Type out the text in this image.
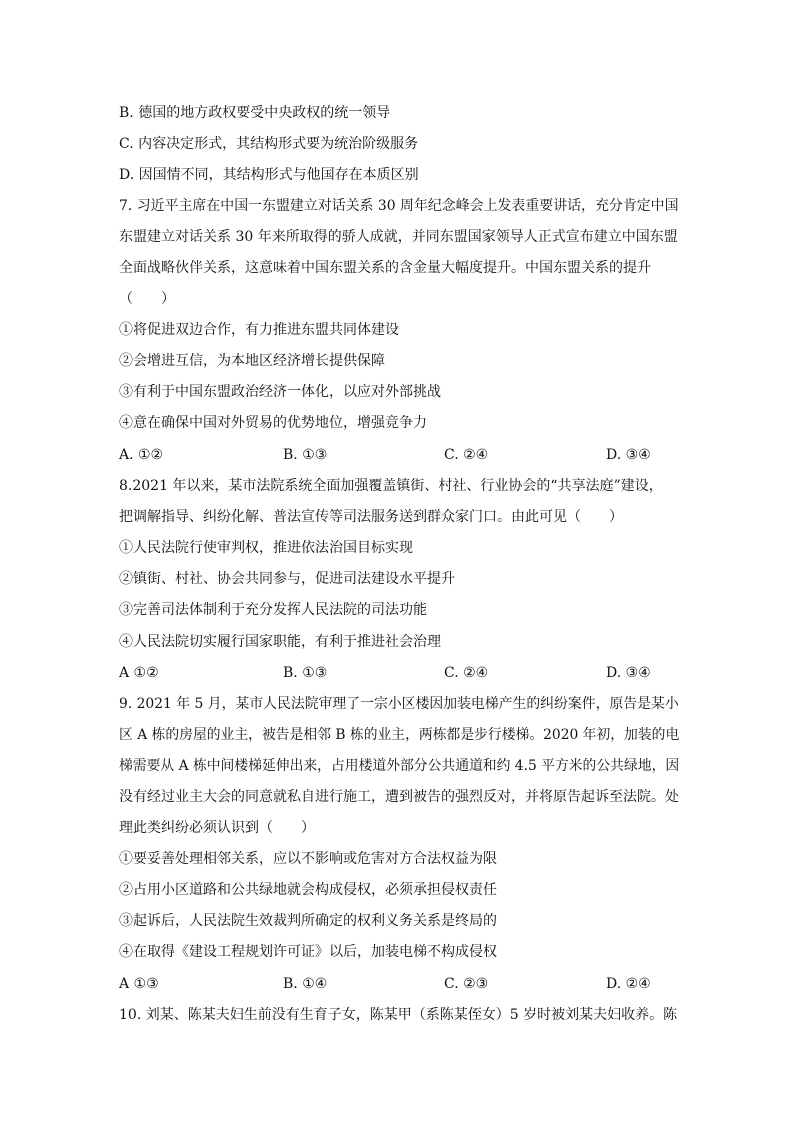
B. 德国的地方政权要受中央政权的统一领导
C. 内容决定形式，其结构形式要为统治阶级服务
D. 因国情不同，其结构形式与他国存在本质区别
7. 习近平主席在中国一东盟建立对话关系 30 周年纪念峰会上发表重要讲话，充分肯定中国
东盟建立对话关系 30 年来所取得的骄人成就，并同东盟国家领导人正式宣布建立中国东盟
全面战略伙伴关系，这意味着中国东盟关系的含金量大幅度提升。中国东盟关系的提升
（　　）
①将促进双边合作，有力推进东盟共同体建设
②会增进互信，为本地区经济增长提供保障
③有利于中国东盟政治经济一体化，以应对外部挑战
④意在确保中国对外贸易的优势地位，增强竞争力
A. ①②	B. ①③	C. ②④	D. ③④
8.2021 年以来，某市法院系统全面加强覆盖镇街、村社、行业协会的“共享法庭”建设，
把调解指导、纠纷化解、普法宣传等司法服务送到群众家门口。由此可见（　　）
①人民法院行使审判权，推进依法治国目标实现
②镇街、村社、协会共同参与，促进司法建设水平提升
③完善司法体制利于充分发挥人民法院的司法功能
④人民法院切实履行国家职能，有利于推进社会治理
A ①②	B. ①③	C. ②④	D. ③④
9. 2021 年 5 月，某市人民法院审理了一宗小区楼因加装电梯产生的纠纷案件，原告是某小
区 A 栋的房屋的业主，被告是相邻 B 栋的业主，两栋都是步行楼梯。2020 年初，加装的电
梯需要从 A 栋中间楼梯延伸出来，占用楼道外部分公共通道和约 4.5 平方米的公共绿地，因
没有经过业主大会的同意就私自进行施工，遭到被告的强烈反对，并将原告起诉至法院。处
理此类纠纷必须认识到（　　）
①要妥善处理相邻关系，应以不影响或危害对方合法权益为限
②占用小区道路和公共绿地就会构成侵权，必须承担侵权责任
③起诉后，人民法院生效裁判所确定的权利义务关系是终局的
④在取得《建设工程规划许可证》以后，加装电梯不构成侵权
A ①③	B. ①④	C. ②③	D. ②④
10. 刘某、陈某夫妇生前没有生育子女，陈某甲（系陈某侄女）5 岁时被刘某夫妇收养。陈
